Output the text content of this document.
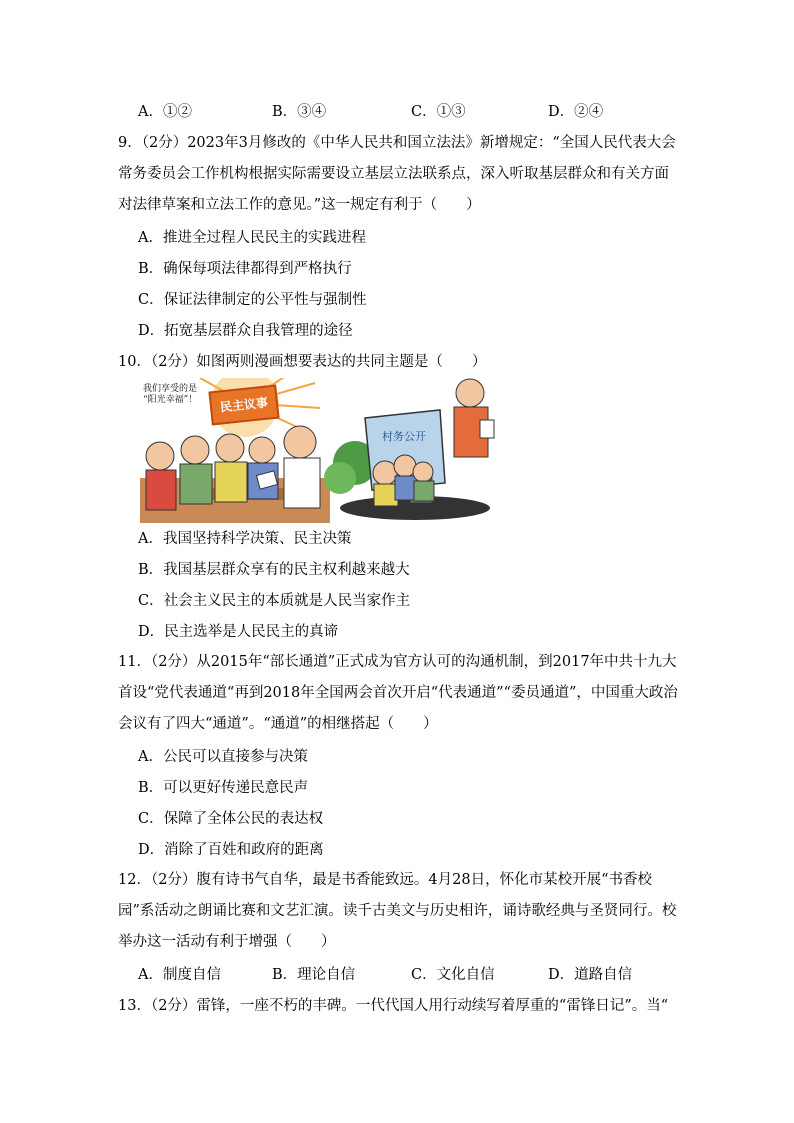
A．①②	B．③④	C．①③	D．②④
9．（2分）2023年3月修改的《中华人民共和国立法法》新增规定：“全国人民代表大会常务委员会工作机构根据实际需要设立基层立法联系点，深入听取基层群众和有关方面对法律草案和立法工作的意见。”这一规定有利于（　　）
A．推进全过程人民民主的实践进程
B．确保每项法律都得到严格执行
C．保证法律制定的公平性与强制性
D．拓宽基层群众自我管理的途径
10．（2分）如图两则漫画想要表达的共同主题是（　　）
我们享受的是
“阳光幸福”！	民主议事
村务公开
A．我国坚持科学决策、民主决策
B．我国基层群众享有的民主权利越来越大
C．社会主义民主的本质就是人民当家作主
D．民主选举是人民民主的真谛
11．（2分）从2015年“部长通道”正式成为官方认可的沟通机制，到2017年中共十九大首设“党代表通道“再到2018年全国两会首次开启“代表通道”“委员通道”，中国重大政治会议有了四大“通道”。“通道”的相继搭起（　　）
A．公民可以直接参与决策
B．可以更好传递民意民声
C．保障了全体公民的表达权
D．消除了百姓和政府的距离
12．（2分）腹有诗书气自华，最是书香能致远。4月28日，怀化市某校开展“书香校园”系活动之朗诵比赛和文艺汇演。读千古美文与历史相许，诵诗歌经典与圣贤同行。校举办这一活动有利于增强（　　）
A．制度自信	B．理论自信	C．文化自信	D．道路自信
13．（2分）雷锋，一座不朽的丰碑。一代代国人用行动续写着厚重的“雷锋日记”。当“
